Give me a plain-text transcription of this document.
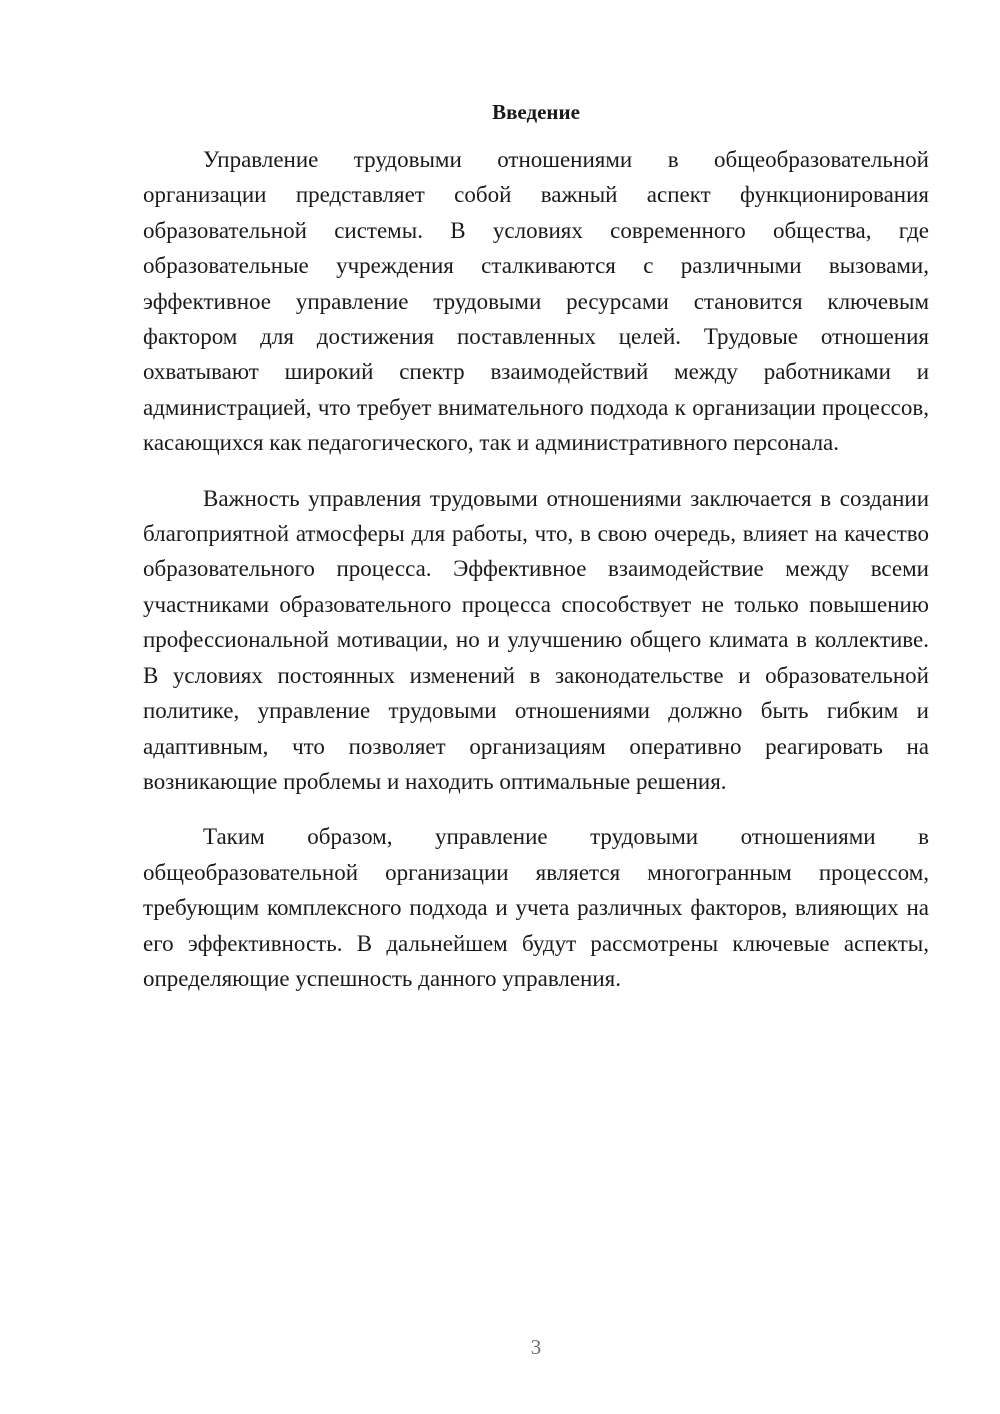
Введение

Управление трудовыми отношениями в общеобразовательной организации представляет собой важный аспект функционирования образовательной системы. В условиях современного общества, где образовательные учреждения сталкиваются с различными вызовами, эффективное управление трудовыми ресурсами становится ключевым фактором для достижения поставленных целей. Трудовые отношения охватывают широкий спектр взаимодействий между работниками и администрацией, что требует внимательного подхода к организации процессов, касающихся как педагогического, так и административного персонала.

Важность управления трудовыми отношениями заключается в создании благоприятной атмосферы для работы, что, в свою очередь, влияет на качество образовательного процесса. Эффективное взаимодействие между всеми участниками образовательного процесса способствует не только повышению профессиональной мотивации, но и улучшению общего климата в коллективе. В условиях постоянных изменений в законодательстве и образовательной политике, управление трудовыми отношениями должно быть гибким и адаптивным, что позволяет организациям оперативно реагировать на возникающие проблемы и находить оптимальные решения.

Таким образом, управление трудовыми отношениями в общеобразовательной организации является многогранным процессом, требующим комплексного подхода и учета различных факторов, влияющих на его эффективность. В дальнейшем будут рассмотрены ключевые аспекты, определяющие успешность данного управления.

3
